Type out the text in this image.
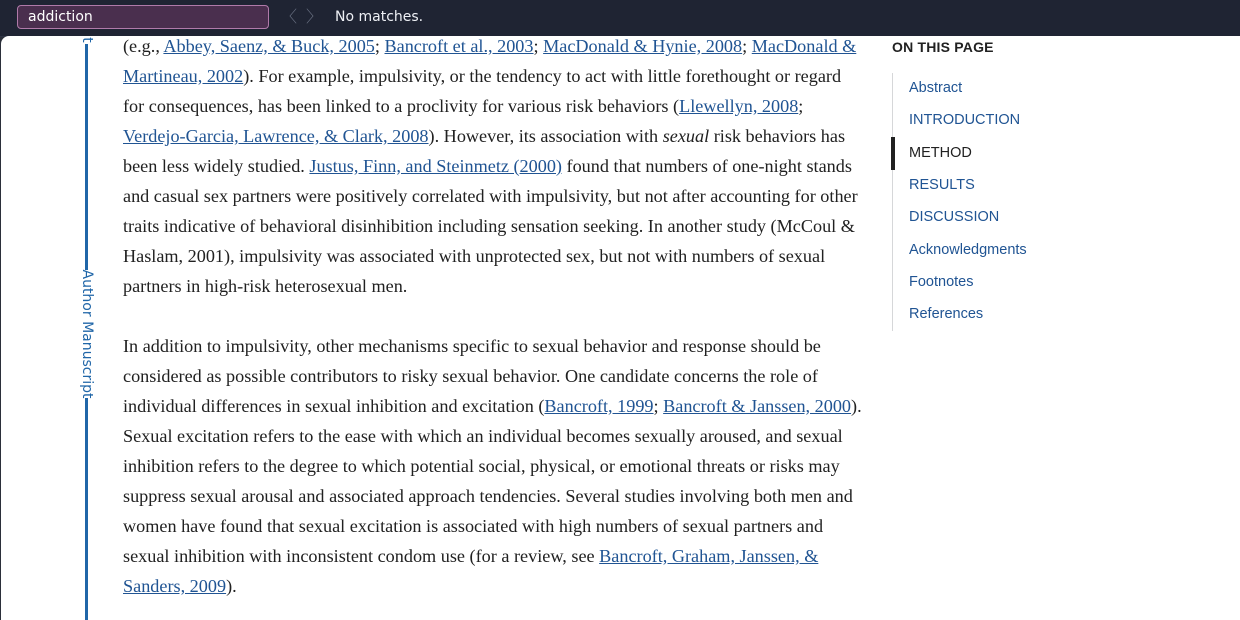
addiction
〈 〉 No matches.
t
Author Manuscript

(e.g., Abbey, Saenz, & Buck, 2005; Bancroft et al., 2003; MacDonald & Hynie, 2008; MacDonald & Martineau, 2002). For example, impulsivity, or the tendency to act with little forethought or regard for consequences, has been linked to a proclivity for various risk behaviors (Llewellyn, 2008; Verdejo-Garcia, Lawrence, & Clark, 2008). However, its association with sexual risk behaviors has been less widely studied. Justus, Finn, and Steinmetz (2000) found that numbers of one-night stands and casual sex partners were positively correlated with impulsivity, but not after accounting for other traits indicative of behavioral disinhibition including sensation seeking. In another study (McCoul & Haslam, 2001), impulsivity was associated with unprotected sex, but not with numbers of sexual partners in high-risk heterosexual men.

In addition to impulsivity, other mechanisms specific to sexual behavior and response should be considered as possible contributors to risky sexual behavior. One candidate concerns the role of individual differences in sexual inhibition and excitation (Bancroft, 1999; Bancroft & Janssen, 2000). Sexual excitation refers to the ease with which an individual becomes sexually aroused, and sexual inhibition refers to the degree to which potential social, physical, or emotional threats or risks may suppress sexual arousal and associated approach tendencies. Several studies involving both men and women have found that sexual excitation is associated with high numbers of sexual partners and sexual inhibition with inconsistent condom use (for a review, see Bancroft, Graham, Janssen, & Sanders, 2009).

ON THIS PAGE
Abstract
INTRODUCTION
METHOD
RESULTS
DISCUSSION
Acknowledgments
Footnotes
References
